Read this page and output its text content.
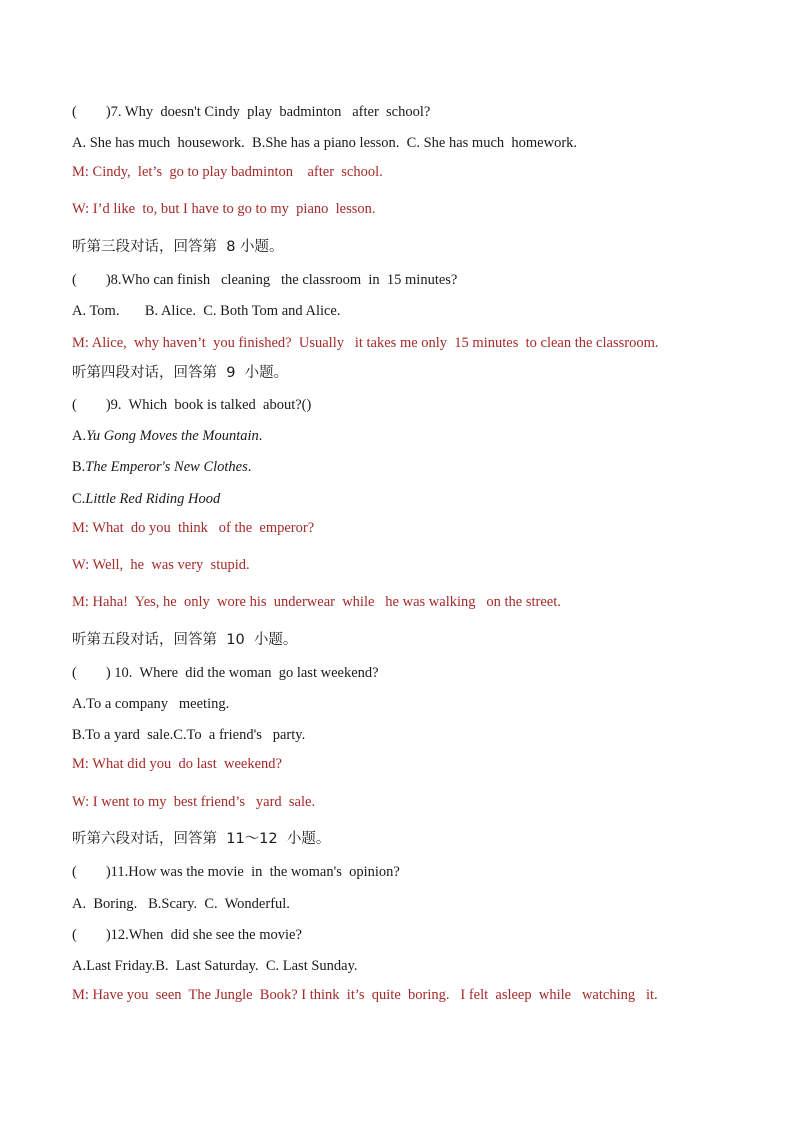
(        )7. Why  doesn't Cindy  play  badminton   after  school?
A. She has much  housework.  B.She has a piano lesson.  C. She has much  homework.
M: Cindy,  let’s  go to play badminton    after  school.
W: I’d like  to, but I have to go to my  piano  lesson.
听第三段对话，回答第  8 小题。
(        )8.Who can finish   cleaning   the classroom  in  15 minutes?
A. Tom.       B. Alice.  C. Both Tom and Alice.
M: Alice,  why haven’t  you finished?  Usually   it takes me only  15 minutes  to clean the classroom.
听第四段对话，回答第  9  小题。
(        )9.  Which  book is talked  about?()
A.Yu Gong Moves the Mountain.
B.The Emperor's New Clothes.
C.Little Red Riding Hood
M: What  do you  think   of the  emperor?
W: Well,  he  was very  stupid.
M: Haha!  Yes, he  only  wore his  underwear  while   he was walking   on the street.
听第五段对话，回答第  10  小题。
(        ) 10.  Where  did the woman  go last weekend?
A.To a company   meeting.
B.To a yard  sale.C.To  a friend's   party.
M: What did you  do last  weekend?
W: I went to my  best friend’s   yard  sale.
听第六段对话，回答第  11～12  小题。
(        )11.How was the movie  in  the woman's  opinion?
A.  Boring.   B.Scary.  C.  Wonderful.
(        )12.When  did she see the movie?
A.Last Friday.B.  Last Saturday.  C. Last Sunday.
M: Have you  seen  The Jungle  Book? I think  it’s  quite  boring.   I felt  asleep  while   watching   it.
